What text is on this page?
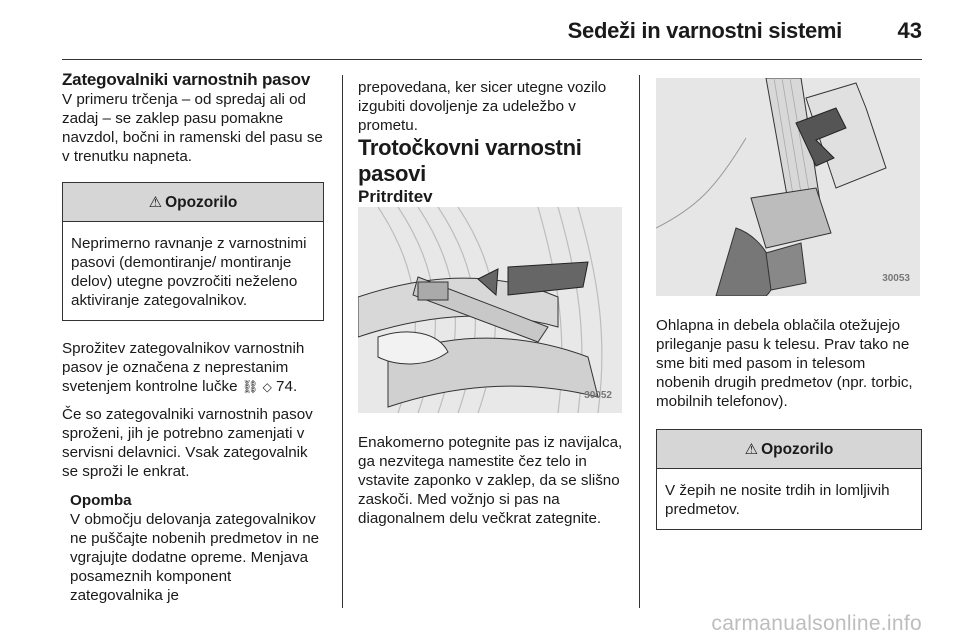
Sedeži in varnostni sistemi	43

Zategovalniki varnostnih pasov

V primeru trčenja – od spredaj ali od zadaj – se zaklep pasu pomakne navzdol, bočni in ramenski del pasu se v trenutku napneta.

⚠ Opozorilo
Neprimerno ravnanje z varnostnimi pasovi (demontiranje/ montiranje delov) utegne povzročiti neželeno aktiviranje zategovalnikov.

Sprožitev zategovalnikov varnostnih pasov je označena z neprestanim svetenjem kontrolne lučke ⛓ ◇ 74.

Če so zategovalniki varnostnih pasov sproženi, jih je potrebno zamenjati v servisni delavnici. Vsak zategovalnik se sproži le enkrat.

Opomba
V območju delovanja zategovalnikov ne puščajte nobenih predmetov in ne vgrajujte dodatne opreme. Menjava posameznih komponent zategovalnika je

prepovedana, ker sicer utegne vozilo izgubiti dovoljenje za udeležbo v prometu.

Trotočkovni varnostni pasovi

Pritrditev

30052

Enakomerno potegnite pas iz navijalca, ga nezvitega namestite čez telo in vstavite zaponko v zaklep, da se slišno zaskoči. Med vožnjo si pas na diagonalnem delu večkrat zategnite.

30053

Ohlapna in debela oblačila otežujejo prileganje pasu k telesu. Prav tako ne sme biti med pasom in telesom nobenih drugih predmetov (npr. torbic, mobilnih telefonov).

⚠ Opozorilo
V žepih ne nosite trdih in lomljivih predmetov.
carmanualsonline.info
